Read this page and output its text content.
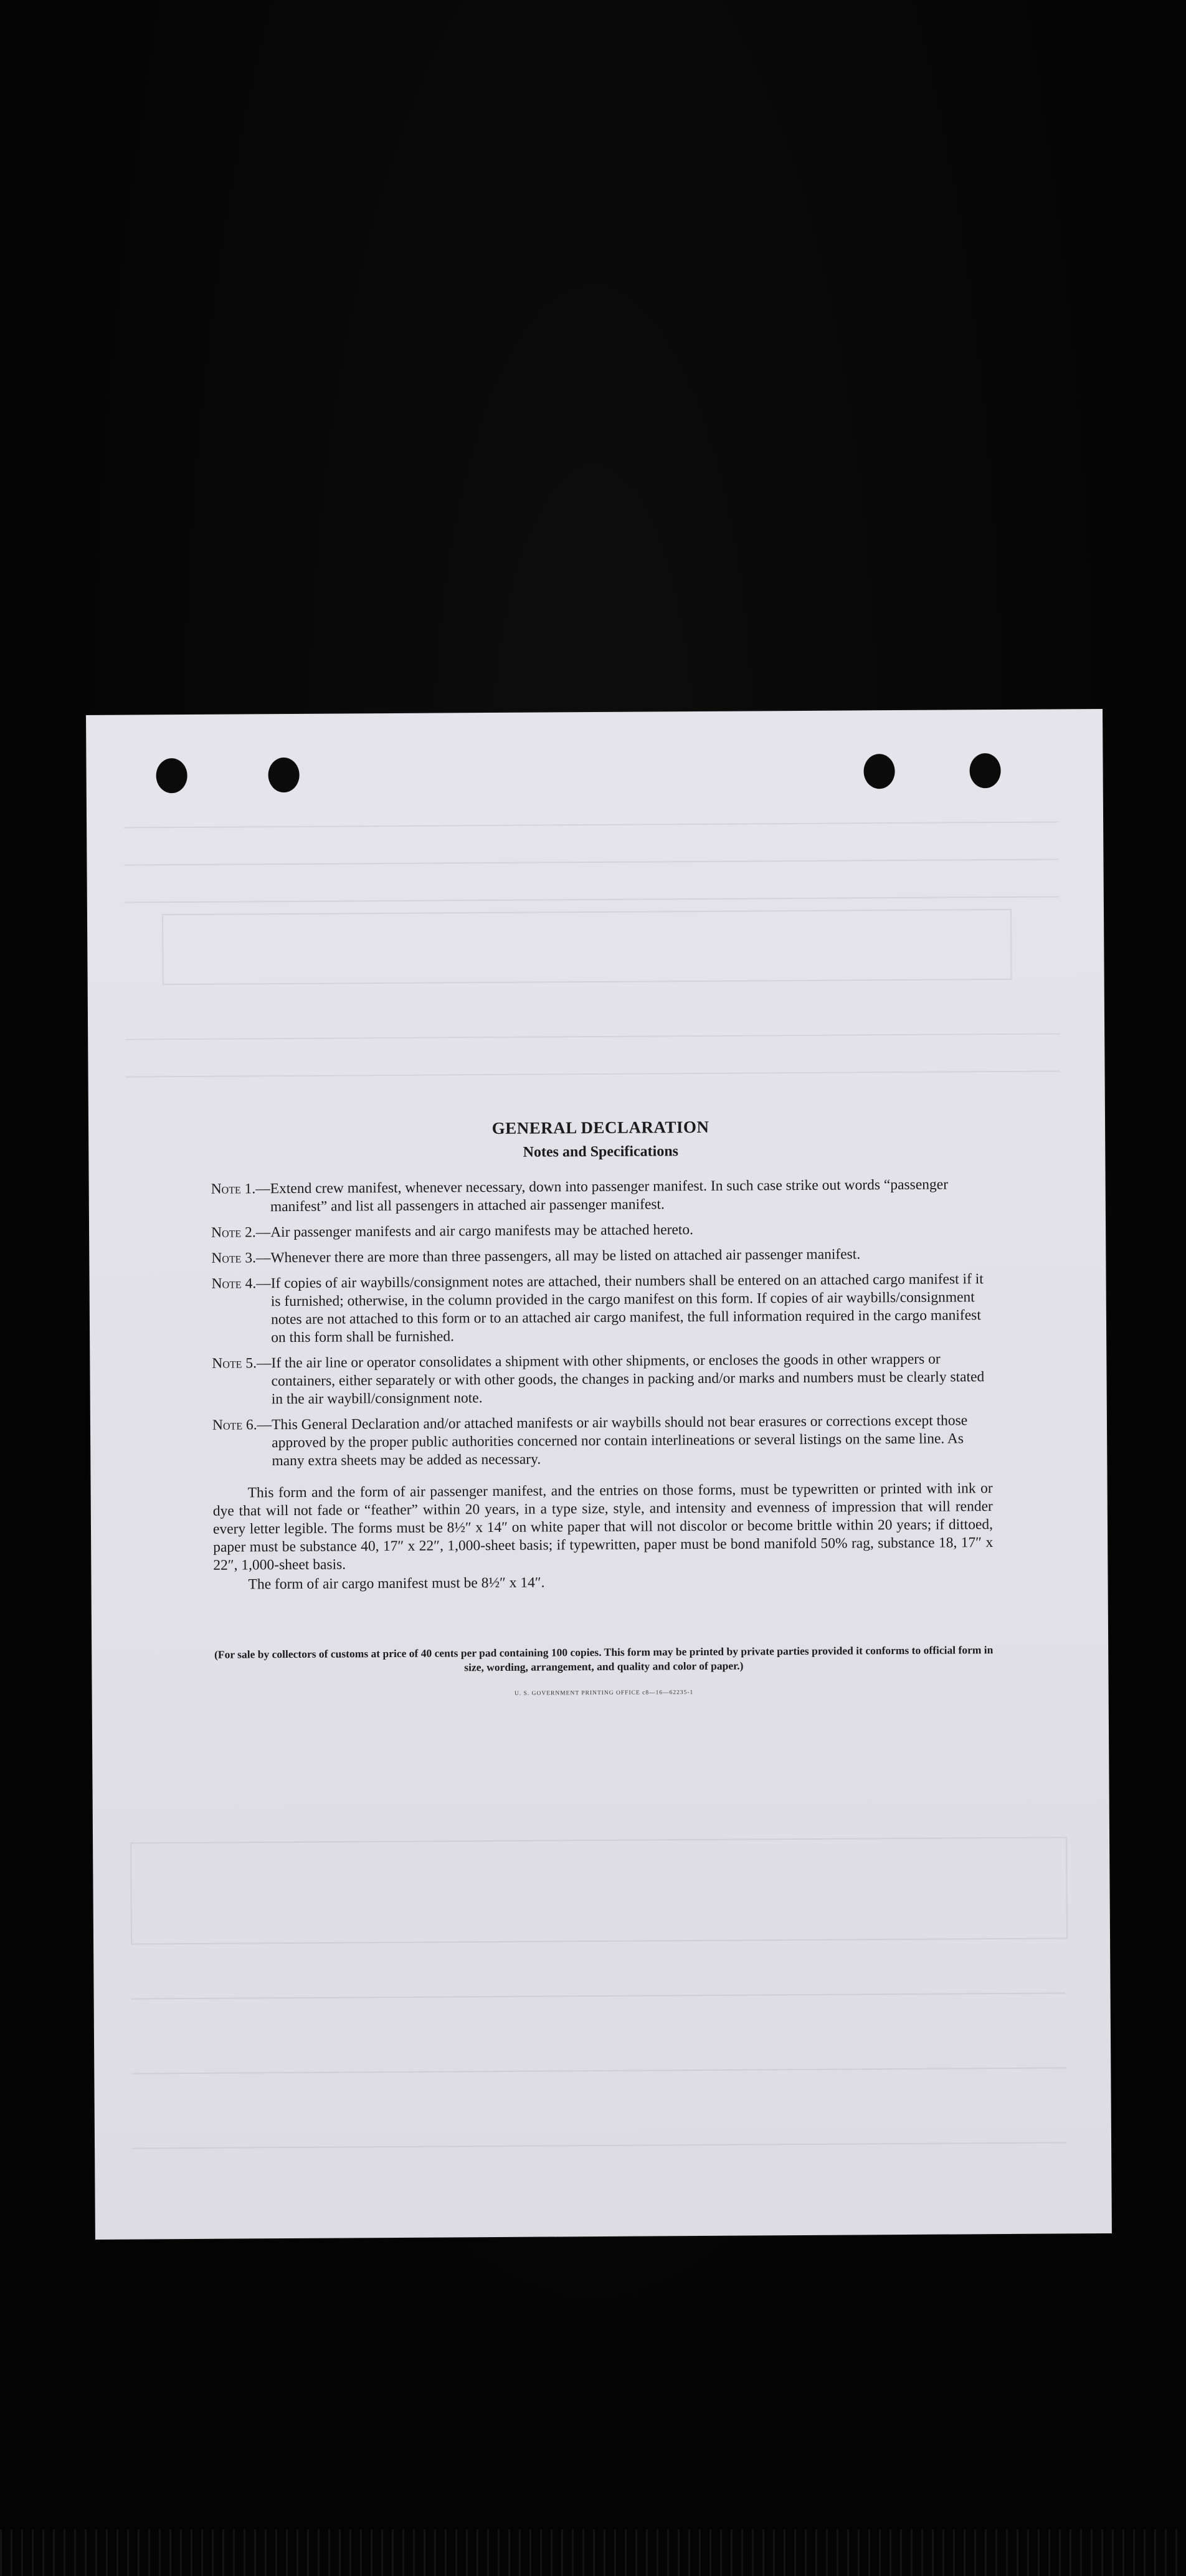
GENERAL DECLARATION
Notes and Specifications
Note 1.— Extend crew manifest, whenever necessary, down into passenger manifest. In such case strike out words “passenger manifest” and list all passengers in attached air passenger manifest.
Note 2.— Air passenger manifests and air cargo manifests may be attached hereto.
Note 3.— Whenever there are more than three passengers, all may be listed on attached air passenger manifest.
Note 4.— If copies of air waybills/consignment notes are attached, their numbers shall be entered on an attached cargo manifest if it is furnished; otherwise, in the column provided in the cargo manifest on this form. If copies of air waybills/consignment notes are not attached to this form or to an attached air cargo manifest, the full information required in the cargo manifest on this form shall be furnished.
Note 5.— If the air line or operator consolidates a shipment with other shipments, or encloses the goods in other wrappers or containers, either separately or with other goods, the changes in packing and/or marks and numbers must be clearly stated in the air waybill/consignment note.
Note 6.— This General Declaration and/or attached manifests or air waybills should not bear erasures or corrections except those approved by the proper public authorities concerned nor contain interlineations or several listings on the same line. As many extra sheets may be added as necessary.

This form and the form of air passenger manifest, and the entries on those forms, must be typewritten or printed with ink or dye that will not fade or “feather” within 20 years, in a type size, style, and intensity and evenness of impression that will render every letter legible. The forms must be 8½″ x 14″ on white paper that will not discolor or become brittle within 20 years; if dittoed, paper must be substance 40, 17″ x 22″, 1,000-sheet basis; if typewritten, paper must be bond manifold 50% rag, substance 18, 17″ x 22″, 1,000-sheet basis.

The form of air cargo manifest must be 8½″ x 14″.

(For sale by collectors of customs at price of 40 cents per pad containing 100 copies. This form may be printed by private parties provided it conforms to official form in size, wording, arrangement, and quality and color of paper.)

U. S. GOVERNMENT PRINTING OFFICE c8—16—62235-1
